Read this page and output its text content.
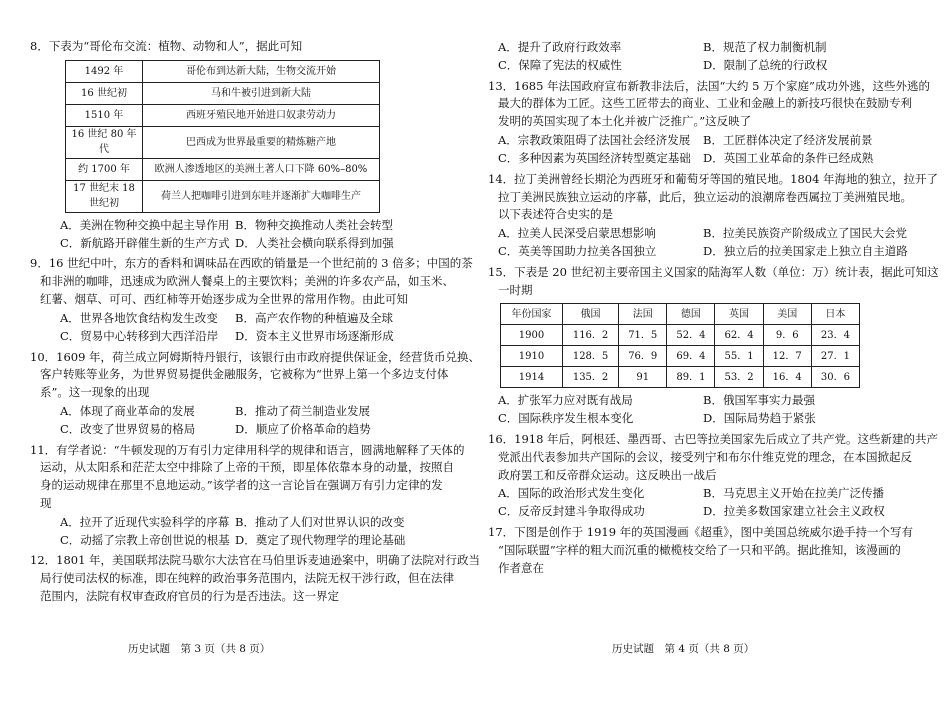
8．下表为“哥伦布交流：植物、动物和人”，据此可知

1492 年	哥伦布到达新大陆，生物交流开始
16 世纪初	马和牛被引进到新大陆
1510 年	西班牙殖民地开始进口奴隶劳动力
16 世纪 80 年代	巴西成为世界最重要的精炼糖产地
约 1700 年	欧洲人渗透地区的美洲土著人口下降 60%–80%
17 世纪末 18 世纪初	荷兰人把咖啡引进到东哇并逐渐扩大咖啡生产
A．美洲在物种交换中起主导作用 B．物种交换推动人类社会转型
C．新航路开辟催生新的生产方式 D．人类社会横向联系得到加强
9．16 世纪中叶，东方的香料和调味品在西欧的销量是一个世纪前的 3 倍多；中国的茶
和非洲的咖啡，迅速成为欧洲人餐桌上的主要饮料；美洲的许多农产品，如玉米、
红薯、烟草、可可、西红柿等开始逐步成为全世界的常用作物。由此可知
A．世界各地饮食结构发生改变	B．高产农作物的种植遍及全球
C．贸易中心转移到大西洋沿岸	D．资本主义世界市场逐渐形成
10．1609 年，荷兰成立阿姆斯特丹银行，该银行由市政府提供保证金，经营货币兑换、
客户转账等业务，为世界贸易提供金融服务，它被称为“世界上第一个多边支付体
系”。这一现象的出现
A．体现了商业革命的发展	B．推动了荷兰制造业发展
C．改变了世界贸易的格局	D．顺应了价格革命的趋势
11．有学者说：“牛顿发现的万有引力定律用科学的规律和语言，圆满地解释了天体的
运动，从太阳系和茫茫太空中排除了上帝的干预，即星体依靠本身的动量，按照自
身的运动规律在那里不息地运动。”该学者的这一言论旨在强调万有引力定律的发
现
A．拉开了近现代实验科学的序幕 B．推动了人们对世界认识的改变
C．动摇了宗教上帝创世说的根基 D．奠定了现代物理学的理论基础
12．1801 年，美国联邦法院马歇尔大法官在马伯里诉麦迪逊案中，明确了法院对行政当
局行使司法权的标准，即在纯粹的政治事务范围内，法院无权干涉行政，但在法律
范围内，法院有权审查政府官员的行为是否违法。这一界定
历史试题　第 3 页（共 8 页）
A．提升了政府行政效率	B．规范了权力制衡机制
C．保障了宪法的权威性	D．限制了总统的行政权
13．1685 年法国政府宣布新教非法后，法国“大约 5 万个家庭”成功外逃，这些外逃的
最大的群体为工匠。这些工匠带去的商业、工业和金融上的新技巧很快在鼓励专利
发明的英国实现了本土化并被广泛推广。”这反映了
A．宗教政策阻碍了法国社会经济发展	B．工匠群体决定了经济发展前景
C．多种因素为英国经济转型奠定基础	D．英国工业革命的条件已经成熟
14．拉丁美洲曾经长期沦为西班牙和葡萄牙等国的殖民地。1804 年海地的独立，拉开了
拉丁美洲民族独立运动的序幕，此后，独立运动的浪潮席卷西属拉丁美洲殖民地。
以下表述符合史实的是
A．拉美人民深受启蒙思想影响	B．拉美民族资产阶级成立了国民大会党
C．英美等国助力拉美各国独立	D．独立后的拉美国家走上独立自主道路
15．下表是 20 世纪初主要帝国主义国家的陆海军人数（单位：万）统计表，据此可知这
一时期
年份国家	俄国	法国	德国	英国	美国	日本
1900	116．2	71．5	52．4	62．4	9．6	23．4
1910	128．5	76．9	69．4	55．1	12．7	27．1
1914	135．2	91	89．1	53．2	16．4	30．6
A．扩张军力应对既有战局	B．俄国军事实力最强
C．国际秩序发生根本变化	D．国际局势趋于紧张
16．1918 年后，阿根廷、墨西哥、古巴等拉美国家先后成立了共产党。这些新建的共产
党派出代表参加共产国际的会议，接受列宁和布尔什维克党的理念，在本国掀起反
政府罢工和反帝群众运动。这反映出一战后
A．国际的政治形式发生变化	B．马克思主义开始在拉美广泛传播
C．反帝反封建斗争取得成功	D．拉美多数国家建立社会主义政权
17．下图是创作于 1919 年的英国漫画《超重》，图中美国总统威尔逊手持一个写有
“国际联盟”字样的粗大而沉重的橄榄枝交给了一只和平鸽。据此推知，该漫画的
作者意在
历史试题　第 4 页（共 8 页）
